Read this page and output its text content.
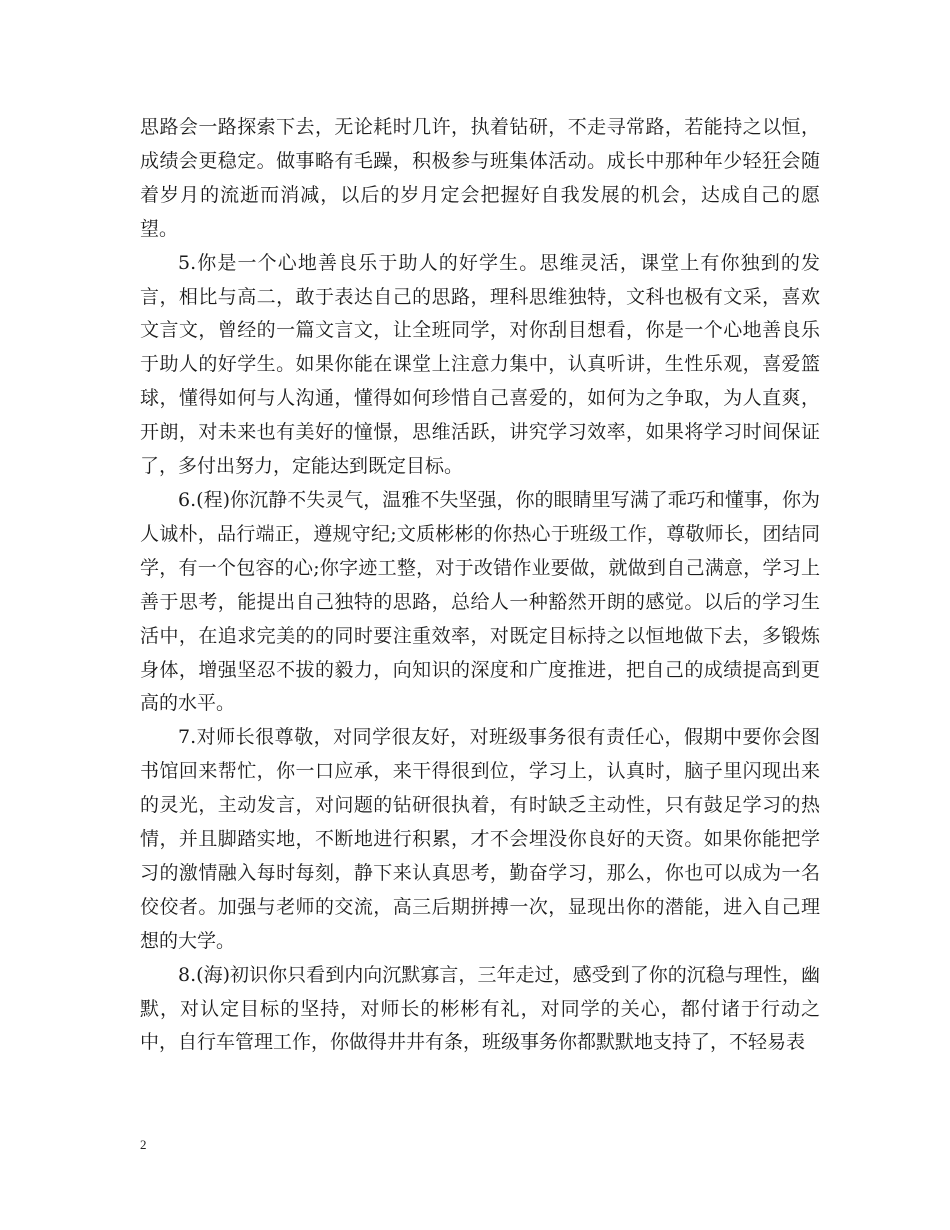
思路会一路探索下去，无论耗时几许，执着钻研，不走寻常路，若能持之以恒，成绩会更稳定。做事略有毛躁，积极参与班集体活动。成长中那种年少轻狂会随着岁月的流逝而消减，以后的岁月定会把握好自我发展的机会，达成自己的愿望。

5.你是一个心地善良乐于助人的好学生。思维灵活，课堂上有你独到的发言，相比与高二，敢于表达自己的思路，理科思维独特，文科也极有文采，喜欢文言文，曾经的一篇文言文，让全班同学，对你刮目想看，你是一个心地善良乐于助人的好学生。如果你能在课堂上注意力集中，认真听讲，生性乐观，喜爱篮球，懂得如何与人沟通，懂得如何珍惜自己喜爱的，如何为之争取，为人直爽，开朗，对未来也有美好的憧憬，思维活跃，讲究学习效率，如果将学习时间保证了，多付出努力，定能达到既定目标。

6.(程)你沉静不失灵气，温雅不失坚强，你的眼睛里写满了乖巧和懂事，你为人诚朴，品行端正，遵规守纪;文质彬彬的你热心于班级工作，尊敬师长，团结同学，有一个包容的心;你字迹工整，对于改错作业要做，就做到自己满意，学习上善于思考，能提出自己独特的思路，总给人一种豁然开朗的感觉。以后的学习生活中，在追求完美的的同时要注重效率，对既定目标持之以恒地做下去，多锻炼身体，增强坚忍不拔的毅力，向知识的深度和广度推进，把自己的成绩提高到更高的水平。

7.对师长很尊敬，对同学很友好，对班级事务很有责任心，假期中要你会图书馆回来帮忙，你一口应承，来干得很到位，学习上，认真时，脑子里闪现出来的灵光，主动发言，对问题的钻研很执着，有时缺乏主动性，只有鼓足学习的热情，并且脚踏实地，不断地进行积累，才不会埋没你良好的天资。如果你能把学习的激情融入每时每刻，静下来认真思考，勤奋学习，那么，你也可以成为一名佼佼者。加强与老师的交流，高三后期拼搏一次，显现出你的潜能，进入自己理想的大学。

8.(海)初识你只看到内向沉默寡言，三年走过，感受到了你的沉稳与理性，幽默，对认定目标的坚持，对师长的彬彬有礼，对同学的关心，都付诸于行动之中，自行车管理工作，你做得井井有条，班级事务你都默默地支持了，不轻易表

2
